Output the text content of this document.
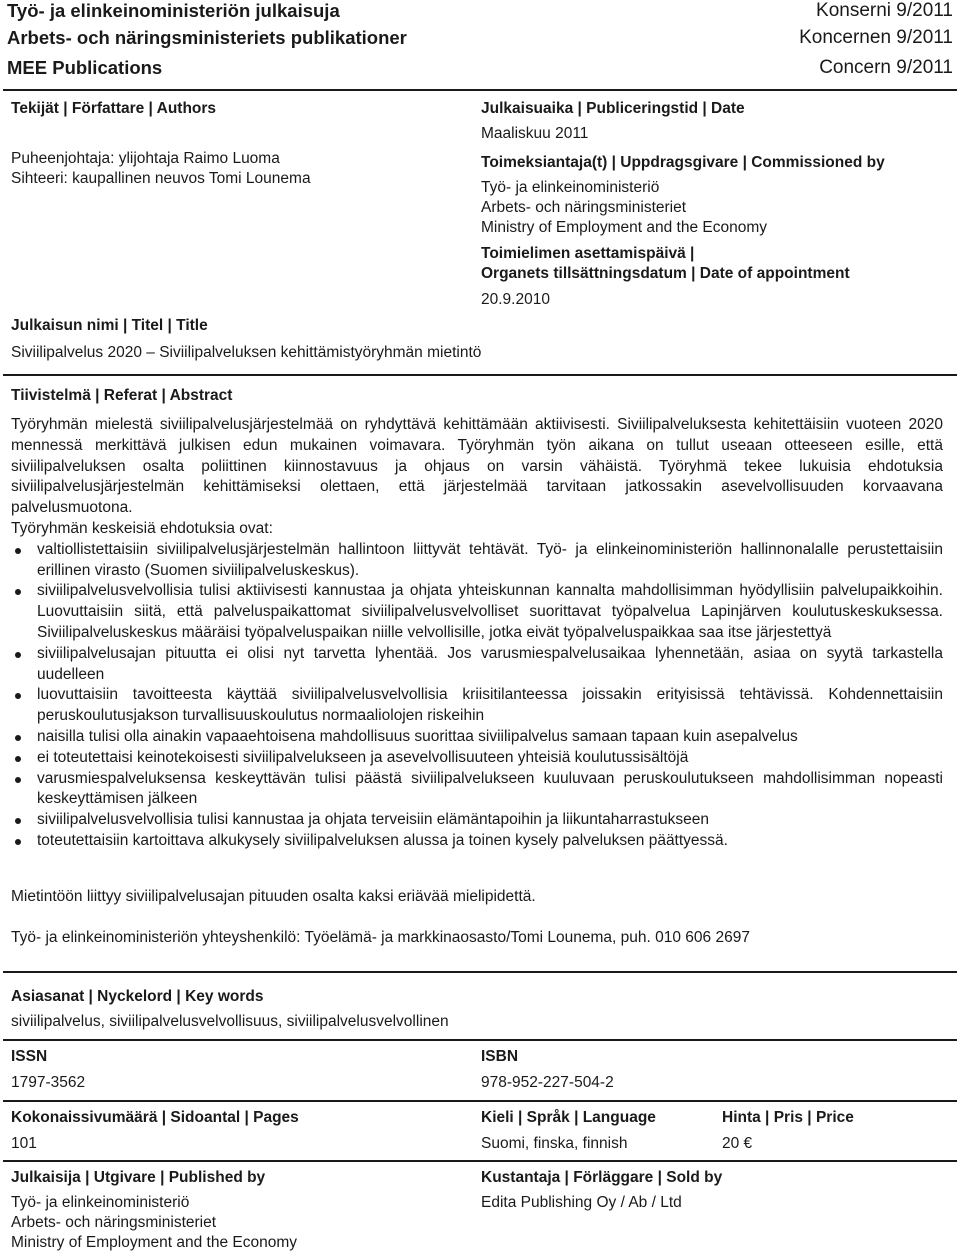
Työ- ja elinkeinoministeriön julkaisuja	Konserni 9/2011
Arbets- och näringsministeriets publikationer	Koncernen 9/2011
MEE Publications	Concern 9/2011
Tekijät | Författare | Authors
Puheenjohtaja: ylijohtaja Raimo Luoma
Sihteeri: kaupallinen neuvos Tomi Lounema
Julkaisuaika | Publiceringstid | Date
Maaliskuu 2011
Toimeksiantaja(t) | Uppdragsgivare | Commissioned by
Työ- ja elinkeinoministeriö
Arbets- och näringsministeriet
Ministry of Employment and the Economy
Toimielimen asettamispäivä |
Organets tillsättningsdatum | Date of appointment
20.9.2010
Julkaisun nimi | Titel | Title
Siviilipalvelus 2020 – Siviilipalveluksen kehittämistyöryhmän mietintö
Tiivistelmä | Referat | Abstract
Työryhmän mielestä siviilipalvelusjärjestelmää on ryhdyttävä kehittämään aktiivisesti. Siviilipalveluksesta kehitettäisiin vuoteen 2020 mennessä merkittävä julkisen edun mukainen voimavara. Työryhmän työn aikana on tullut useaan otteeseen esille, että siviilipalveluksen osalta poliittinen kiinnostavuus ja ohjaus on varsin vähäistä. Työryhmä tekee lukuisia ehdotuksia siviilipalvelusjärjestelmän kehittämiseksi olettaen, että järjestelmää tarvitaan jatkossakin asevelvollisuuden korvaavana palvelusmuotona.
Työryhmän keskeisiä ehdotuksia ovat:
valtiollistettaisiin siviilipalvelusjärjestelmän hallintoon liittyvät tehtävät. Työ- ja elinkeinoministeriön hallinnonalalle perustettaisiin erillinen virasto (Suomen siviilipalveluskeskus).
siviilipalvelusvelvollisia tulisi aktiivisesti kannustaa ja ohjata yhteiskunnan kannalta mahdollisimman hyödyllisiin palvelupaikkoihin. Luovuttaisiin siitä, että palveluspaikattomat siviilipalvelusvelvolliset suorittavat työpalvelua Lapinjärven koulutuskeskuksessa. Siviilipalveluskeskus määräisi työpalveluspaikan niille velvollisille, jotka eivät työpalveluspaikkaa saa itse järjestettyä
siviilipalvelusajan pituutta ei olisi nyt tarvetta lyhentää. Jos varusmiespalvelusaikaa lyhennetään, asiaa on syytä tarkastella uudelleen
luovuttaisiin tavoitteesta käyttää siviilipalvelusvelvollisia kriisitilanteessa joissakin erityisissä tehtävissä. Kohdennettaisiin peruskoulutusjakson turvallisuuskoulutus normaaliolojen riskeihin
naisilla tulisi olla ainakin vapaaehtoisena mahdollisuus suorittaa siviilipalvelus samaan tapaan kuin asepalvelus
ei toteutettaisi keinotekoisesti siviilipalvelukseen ja asevelvollisuuteen yhteisiä koulutussisältöjä
varusmiespalveluksensa keskeyttävän tulisi päästä siviilipalvelukseen kuuluvaan peruskoulutukseen mahdollisimman nopeasti keskeyttämisen jälkeen
siviilipalvelusvelvollisia tulisi kannustaa ja ohjata terveisiin elämäntapoihin ja liikuntaharrastukseen
toteutettaisiin kartoittava alkukysely siviilipalveluksen alussa ja toinen kysely palveluksen päättyessä.
Mietintöön liittyy siviilipalvelusajan pituuden osalta kaksi eriävää mielipidettä.
Työ- ja elinkeinoministeriön yhteyshenkilö: Työelämä- ja markkinaosasto/Tomi Lounema, puh. 010 606 2697
Asiasanat | Nyckelord | Key words
siviilipalvelus, siviilipalvelusvelvollisuus, siviilipalvelusvelvollinen
ISSN
1797-3562
ISBN
978-952-227-504-2
Kokonaissivumäärä | Sidoantal | Pages
101
Kieli | Språk | Language
Suomi, finska, finnish
Hinta | Pris | Price
20 €
Julkaisija | Utgivare | Published by
Työ- ja elinkeinoministeriö
Arbets- och näringsministeriet
Ministry of Employment and the Economy
Kustantaja | Förläggare | Sold by
Edita Publishing Oy / Ab / Ltd
